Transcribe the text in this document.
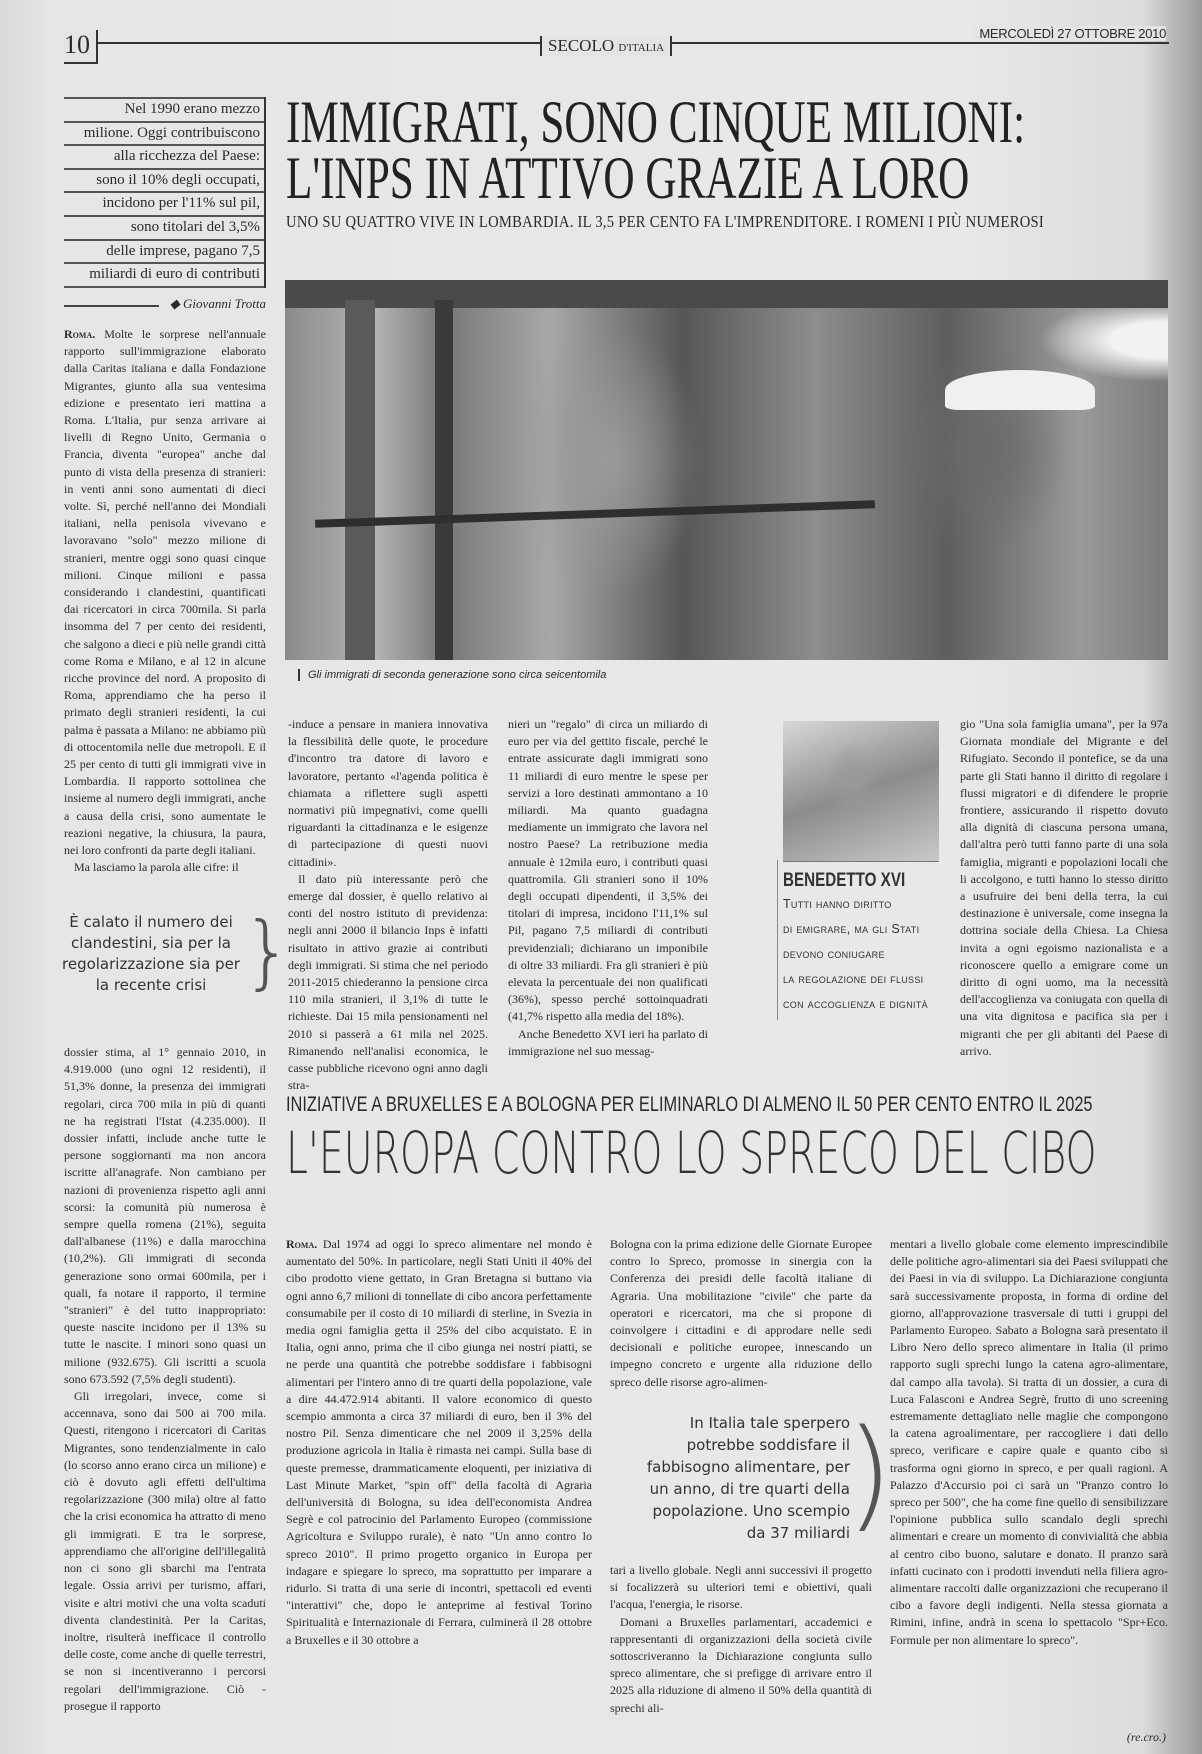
10	SECOLO D'ITALIA
MERCOLEDÌ 27 OTTOBRE 2010
Nel 1990 erano mezzo
milione. Oggi contribuiscono
alla ricchezza del Paese:
sono il 10% degli occupati,
incidono per l'11% sul pil,
sono titolari del 3,5%
delle imprese, pagano 7,5
miliardi di euro di contributi
IMMIGRATI, SONO CINQUE MILIONI:
L'INPS IN ATTIVO GRAZIE A LORO
UNO SU QUATTRO VIVE IN LOMBARDIA. IL 3,5 PER CENTO FA L'IMPRENDITORE. I ROMENI I PIÙ NUMEROSI
◆ Giovanni Trotta

Roma. Molte le sorprese nell'annuale rapporto sull'immigrazione elaborato dalla Caritas italiana e dalla Fondazione Migrantes, giunto alla sua ventesima edizione e presentato ieri mattina a Roma. L'Italia, pur senza arrivare ai livelli di Regno Unito, Germania o Francia, diventa "europea" anche dal punto di vista della presenza di stranieri: in venti anni sono aumentati di dieci volte. Sì, perché nell'anno dei Mondiali italiani, nella penisola vivevano e lavoravano "solo" mezzo milione di stranieri, mentre oggi sono quasi cinque milioni. Cinque milioni e passa considerando i clandestini, quantificati dai ricercatori in circa 700mila. Si parla insomma del 7 per cento dei residenti, che salgono a dieci e più nelle grandi città come Roma e Milano, e al 12 in alcune ricche province del nord. A proposito di Roma, apprendiamo che ha perso il primato degli stranieri residenti, la cui palma è passata a Milano: ne abbiamo più di ottocentomila nelle due metropoli. E il 25 per cento di tutti gli immigrati vive in Lombardia. Il rapporto sottolinea che insieme al numero degli immigrati, anche a causa della crisi, sono aumentate le reazioni negative, la chiusura, la paura, nei loro confronti da parte degli italiani.

Ma lasciamo la parola alle cifre: il

È calato il numero dei clandestini, sia per la regolarizzazione sia per la recente crisi }

dossier stima, al 1° gennaio 2010, in 4.919.000 (uno ogni 12 residenti), il 51,3% donne, la presenza dei immigrati regolari, circa 700 mila in più di quanti ne ha registrati l'Istat (4.235.000). Il dossier infatti, include anche tutte le persone soggiornanti ma non ancora iscritte all'anagrafe. Non cambiano per nazioni di provenienza rispetto agli anni scorsi: la comunità più numerosa è sempre quella romena (21%), seguita dall'albanese (11%) e dalla marocchina (10,2%). Gli immigrati di seconda generazione sono ormai 600mila, per i quali, fa notare il rapporto, il termine "stranieri" è del tutto inappropriato: queste nascite incidono per il 13% su tutte le nascite. I minori sono quasi un milione (932.675). Gli iscritti a scuola sono 673.592 (7,5% degli studenti).

Gli irregolari, invece, come si accennava, sono dai 500 ai 700 mila. Questi, ritengono i ricercatori di Caritas Migrantes, sono tendenzialmente in calo (lo scorso anno erano circa un milione) e ciò è dovuto agli effetti dell'ultima regolarizzazione (300 mila) oltre al fatto che la crisi economica ha attratto di meno gli immigrati. E tra le sorprese, apprendiamo che all'origine dell'illegalità non ci sono gli sbarchi ma l'entrata legale. Ossia arrivi per turismo, affari, visite e altri motivi che una volta scaduti diventa clandestinità. Per la Caritas, inoltre, risulterà inefficace il controllo delle coste, come anche di quelle terrestri, se non si incentiveranno i percorsi regolari dell'immigrazione. Ciò - prosegue il rapporto

Gli immigrati di seconda generazione sono circa seicentomila

-induce a pensare in maniera innovativa la flessibilità delle quote, le procedure d'incontro tra datore di lavoro e lavoratore, pertanto «l'agenda politica è chiamata a riflettere sugli aspetti normativi più impegnativi, come quelli riguardanti la cittadinanza e le esigenze di partecipazione di questi nuovi cittadini».

Il dato più interessante però che emerge dal dossier, è quello relativo ai conti del nostro istituto di previdenza: negli anni 2000 il bilancio Inps è infatti risultato in attivo grazie ai contributi degli immigrati. Si stima che nel periodo 2011-2015 chiederanno la pensione circa 110 mila stranieri, il 3,1% di tutte le richieste. Dai 15 mila pensionamenti nel 2010 si passerà a 61 mila nel 2025. Rimanendo nell'analisi economica, le casse pubbliche ricevono ogni anno dagli stra-

nieri un "regalo" di circa un miliardo di euro per via del gettito fiscale, perché le entrate assicurate dagli immigrati sono 11 miliardi di euro mentre le spese per servizi a loro destinati ammontano a 10 miliardi. Ma quanto guadagna mediamente un immigrato che lavora nel nostro Paese? La retribuzione media annuale è 12mila euro, i contributi quasi quattromila. Gli stranieri sono il 10% degli occupati dipendenti, il 3,5% dei titolari di impresa, incidono l'11,1% sul Pil, pagano 7,5 miliardi di contributi previdenziali; dichiarano un imponibile di oltre 33 miliardi. Fra gli stranieri è più elevata la percentuale dei non qualificati (36%), spesso perché sottoinquadrati (41,7% rispetto alla media del 18%).

Anche Benedetto XVI ieri ha parlato di immigrazione nel suo messag-

BENEDETTO XVI
Tutti hanno diritto
di emigrare, ma gli Stati
devono coniugare
la regolazione dei flussi
con accoglienza e dignità

gio "Una sola famiglia umana", per la 97a Giornata mondiale del Migrante e del Rifugiato. Secondo il pontefice, se da una parte gli Stati hanno il diritto di regolare i flussi migratori e di difendere le proprie frontiere, assicurando il rispetto dovuto alla dignità di ciascuna persona umana, dall'altra però tutti fanno parte di una sola famiglia, migranti e popolazioni locali che li accolgono, e tutti hanno lo stesso diritto a usufruire dei beni della terra, la cui destinazione è universale, come insegna la dottrina sociale della Chiesa. La Chiesa invita a ogni egoismo nazionalista e a riconoscere quello a emigrare come un diritto di ogni uomo, ma la necessità dell'accoglienza va coniugata con quella di una vita dignitosa e pacifica sia per i migranti che per gli abitanti del Paese di arrivo.

INIZIATIVE A BRUXELLES E A BOLOGNA PER ELIMINARLO DI ALMENO IL 50 PER CENTO ENTRO IL 2025
L'EUROPA CONTRO LO SPRECO DEL CIBO

Roma. Dal 1974 ad oggi lo spreco alimentare nel mondo è aumentato del 50%. In particolare, negli Stati Uniti il 40% del cibo prodotto viene gettato, in Gran Bretagna si buttano via ogni anno 6,7 milioni di tonnellate di cibo ancora perfettamente consumabile per il costo di 10 miliardi di sterline, in Svezia in media ogni famiglia getta il 25% del cibo acquistato. E in Italia, ogni anno, prima che il cibo giunga nei nostri piatti, se ne perde una quantità che potrebbe soddisfare i fabbisogni alimentari per l'intero anno di tre quarti della popolazione, vale a dire 44.472.914 abitanti. Il valore economico di questo scempio ammonta a circa 37 miliardi di euro, ben il 3% del nostro Pil. Senza dimenticare che nel 2009 il 3,25% della produzione agricola in Italia è rimasta nei campi. Sulla base di queste premesse, drammaticamente eloquenti, per iniziativa di Last Minute Market, "spin off" della facoltà di Agraria dell'università di Bologna, su idea dell'economista Andrea Segrè e col patrocinio del Parlamento Europeo (commissione Agricoltura e Sviluppo rurale), è nato "Un anno contro lo spreco 2010". Il primo progetto organico in Europa per indagare e spiegare lo spreco, ma soprattutto per imparare a ridurlo. Si tratta di una serie di incontri, spettacoli ed eventi "interattivi" che, dopo le anteprime al festival Torino Spiritualità e Internazionale di Ferrara, culminerà il 28 ottobre a Bruxelles e il 30 ottobre a

Bologna con la prima edizione delle Giornate Europee contro lo Spreco, promosse in sinergia con la Conferenza dei presidi delle facoltà italiane di Agraria. Una mobilitazione "civile" che parte da operatori e ricercatori, ma che si propone di coinvolgere i cittadini e di approdare nelle sedi decisionali e politiche europee, innescando un impegno concreto e urgente alla riduzione dello spreco delle risorse agro-alimen-

In Italia tale sperpero potrebbe soddisfare il fabbisogno alimentare, per un anno, di tre quarti della popolazione. Uno scempio da 37 miliardi
)

tari a livello globale. Negli anni successivi il progetto si focalizzerà su ulteriori temi e obiettivi, quali l'acqua, l'energia, le risorse.

Domani a Bruxelles parlamentari, accademici e rappresentanti di organizzazioni della società civile sottoscriveranno la Dichiarazione congiunta sullo spreco alimentare, che si prefigge di arrivare entro il 2025 alla riduzione di almeno il 50% della quantità di sprechi ali-

mentari a livello globale come elemento imprescindibile delle politiche agro-alimentari sia dei Paesi sviluppati che dei Paesi in via di sviluppo. La Dichiarazione congiunta sarà successivamente proposta, in forma di ordine del giorno, all'approvazione trasversale di tutti i gruppi del Parlamento Europeo. Sabato a Bologna sarà presentato il Libro Nero dello spreco alimentare in Italia (il primo rapporto sugli sprechi lungo la catena agro-alimentare, dal campo alla tavola). Si tratta di un dossier, a cura di Luca Falasconi e Andrea Segrè, frutto di uno screening estremamente dettagliato nelle maglie che compongono la catena agroalimentare, per raccogliere i dati dello spreco, verificare e capire quale e quanto cibo si trasforma ogni giorno in spreco, e per quali ragioni. A Palazzo d'Accursio poi ci sarà un "Pranzo contro lo spreco per 500", che ha come fine quello di sensibilizzare l'opinione pubblica sullo scandalo degli sprechi alimentari e creare un momento di convivialità che abbia al centro cibo buono, salutare e donato. Il pranzo sarà infatti cucinato con i prodotti invenduti nella filiera agro-alimentare raccolti dalle organizzazioni che recuperano il cibo a favore degli indigenti. Nella stessa giornata a Rimini, infine, andrà in scena lo spettacolo "Spr+Eco. Formule per non alimentare lo spreco".

(re.cro.)
